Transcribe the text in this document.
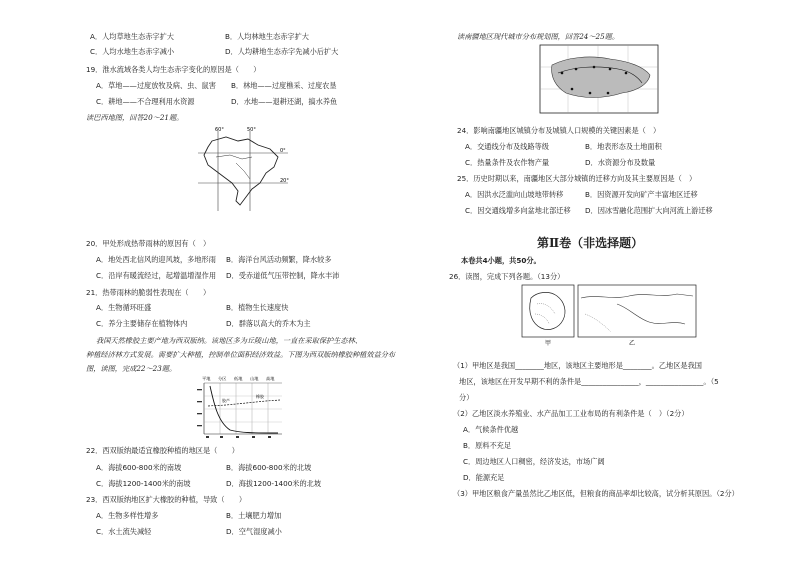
A．人均草地生态赤字扩大	B．人均林地生态赤字扩大
C．人均水地生态赤字减小	D．人均耕地生态赤字先减小后扩大
19．淮水流域各类人均生态赤字变化的原因是（　　）
A．草地——过度放牧及病、虫、鼠害 B．林地——过度樵采、过度农垦
C．耕地——不合理利用水资源	D．水地——退耕还湖，搞水养鱼
读巴西地图，回答20～21题。
60°	50°
0°
20°
20．甲处形成热带雨林的原因有（　）
A．地处西北信风的迎风坡，多地形雨 B．海洋台风活动频繁，降水较多
C．沿岸有暖流经过，起增温增湿作用 D．受赤道低气压带控制，降水丰沛
21．热带雨林的脆弱性表现在（　　）
A．生物循环旺盛	B．植物生长速度快
C．养分主要储存在植物体内	D．群落以高大的乔木为主
我国天然橡胶主要产地为西双版纳。该地区多为丘陵山地，一直在采取保护生态林、
种植经济林方式发展。需要扩大种植，控制单位面积经济效益。下图为西双版纳橡胶种植效益分布
图，读图，完成22～23题。
平地 分区 低地 山地 高地
胶产
橡胶
22．西双版纳最适宜橡胶种植的地区是（　　）
A．海拔600-800米的南坡	B．海拔600-800米的北坡
C．海拔1200-1400米的南坡	D．海拔1200-1400米的北坡
23．西双版纳地区扩大橡胶的种植，导致（　　）
A．生物多样性增多	B．土壤肥力增加
C．水土流失减轻	D．空气湿度减小
读南疆地区现代城市分布规划图，回答24～25题。
24．影响南疆地区城镇分布及城镇人口规模的关键因素是（　）
A．交通线分布及线路等级	B．地表形态及土地面积
C．热量条件及农作物产量	D．水资源分布及数量
25．历史时期以来，南疆地区大部分城镇的迁移方向及其主要原因是（　）
A．因洪水泛滥向山坡地带转移	B．因资源开发向矿产丰富地区迁移
C．因交通线增多向盆地北部迁移 D．因冰雪融化范围扩大向河流上游迁移
第Ⅱ卷（非选择题）
本卷共4小题，共50分。
26．读图，完成下列各题。（13分）
甲	乙
（1）甲地区是我国________地区，该地区主要地形是________。乙地区是我国
地区，该地区在开发早期不利的条件是________________，________________。（5
分）
（2）乙地区淡水养殖业、水产品加工工业布局的有利条件是（　）（2分）
A．气候条件优越
B．原料不充足
C．周边地区人口稠密，经济发达，市场广阔
D．能源充足
（3）甲地区粮食产量虽然比乙地区低，但粮食的商品率却比较高，试分析其原因。（2分）
